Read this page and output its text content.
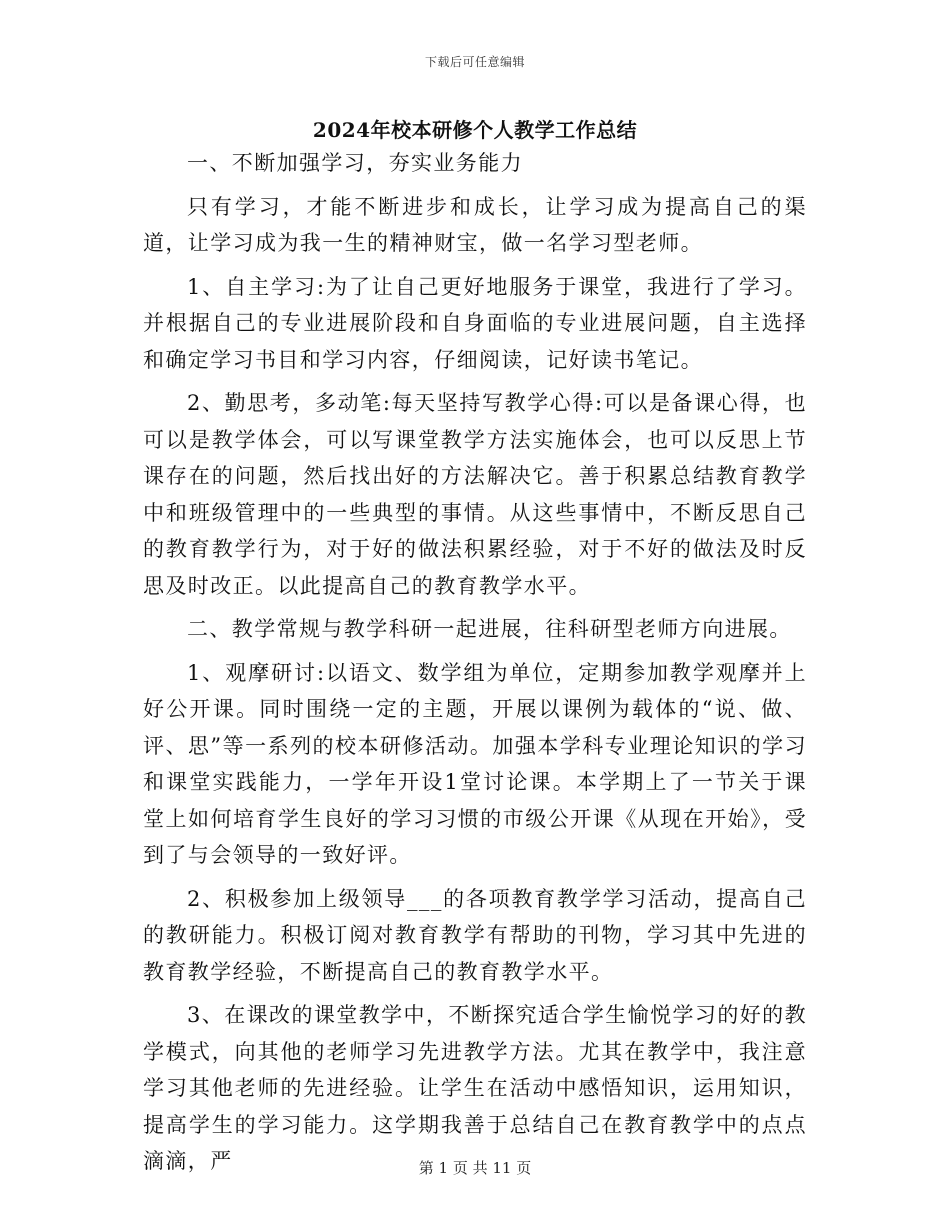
下载后可任意编辑
2024年校本研修个人教学工作总结

一、不断加强学习，夯实业务能力

只有学习，才能不断进步和成长，让学习成为提高自己的渠道，让学习成为我一生的精神财宝，做一名学习型老师。

1、自主学习:为了让自己更好地服务于课堂，我进行了学习。并根据自己的专业进展阶段和自身面临的专业进展问题，自主选择和确定学习书目和学习内容，仔细阅读，记好读书笔记。

2、勤思考，多动笔:每天坚持写教学心得:可以是备课心得，也可以是教学体会，可以写课堂教学方法实施体会，也可以反思上节课存在的问题，然后找出好的方法解决它。善于积累总结教育教学中和班级管理中的一些典型的事情。从这些事情中，不断反思自己的教育教学行为，对于好的做法积累经验，对于不好的做法及时反思及时改正。以此提高自己的教育教学水平。

二、教学常规与教学科研一起进展，往科研型老师方向进展。

1、观摩研讨:以语文、数学组为单位，定期参加教学观摩并上好公开课。同时围绕一定的主题，开展以课例为载体的“说、做、评、思”等一系列的校本研修活动。加强本学科专业理论知识的学习和课堂实践能力，一学年开设1堂讨论课。本学期上了一节关于课堂上如何培育学生良好的学习习惯的市级公开课《从现在开始》，受到了与会领导的一致好评。

2、积极参加上级领导___的各项教育教学学习活动，提高自己的教研能力。积极订阅对教育教学有帮助的刊物，学习其中先进的教育教学经验，不断提高自己的教育教学水平。

3、在课改的课堂教学中，不断探究适合学生愉悦学习的好的教学模式，向其他的老师学习先进教学方法。尤其在教学中，我注意学习其他老师的先进经验。让学生在活动中感悟知识，运用知识，提高学生的学习能力。这学期我善于总结自己在教育教学中的点点滴滴，严	第 1 页 共 11 页
